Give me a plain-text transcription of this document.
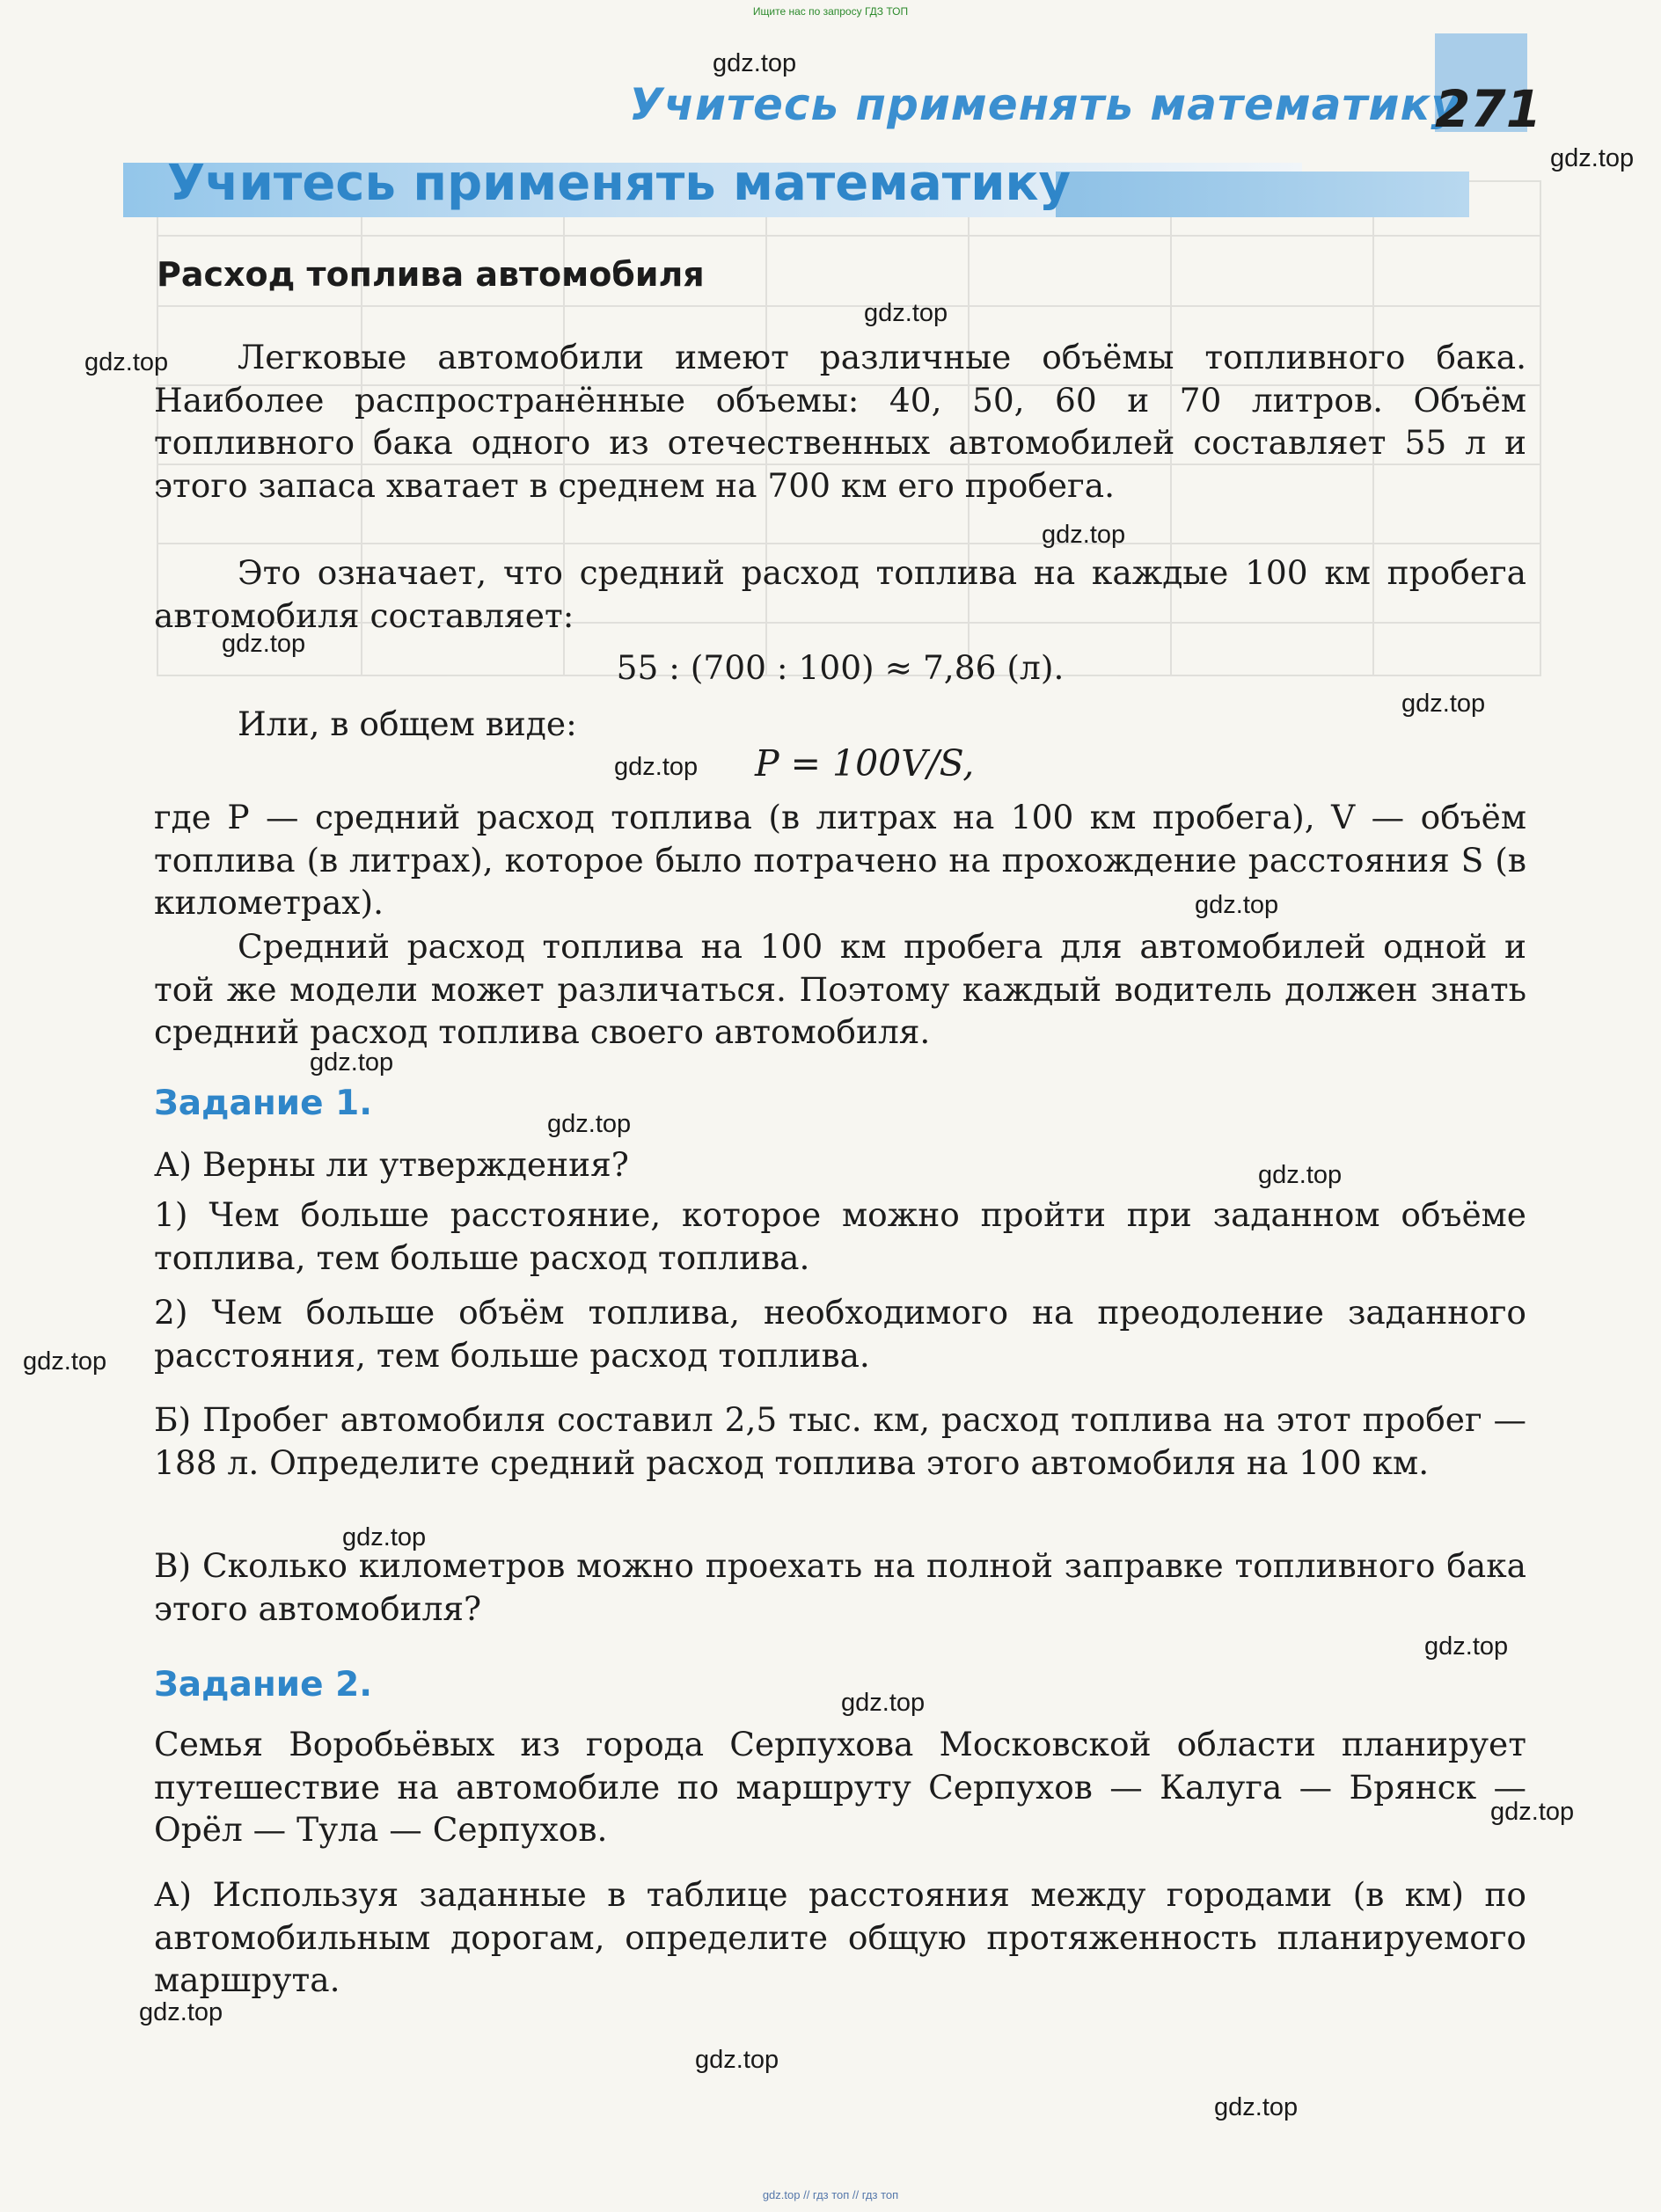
Ищите нас по запросу ГДЗ ТОП
Учитесь применять математику
271
Учитесь применять математику
Расход топлива автомобиля
Легковые автомобили имеют различные объёмы топливного бака. Наиболее распространённые объемы: 40, 50, 60 и 70 литров. Объём топливного бака одного из отечественных автомобилей составляет 55 л и этого запаса хватает в среднем на 700 км его пробега.
Это означает, что средний расход топлива на каждые 100 км пробега автомобиля составляет:
55 : (700 : 100) ≈ 7,86 (л).
Или, в общем виде:
P = 100V/S,
где P — средний расход топлива (в литрах на 100 км пробега), V — объём топлива (в литрах), которое было потрачено на прохождение расстояния S (в километрах).
Средний расход топлива на 100 км пробега для автомобилей одной и той же модели может различаться. Поэтому каждый водитель должен знать средний расход топлива своего автомобиля.
Задание 1.
А) Верны ли утверждения?
1) Чем больше расстояние, которое можно пройти при заданном объёме топлива, тем больше расход топлива.
2) Чем больше объём топлива, необходимого на преодоление заданного расстояния, тем больше расход топлива.
Б) Пробег автомобиля составил 2,5 тыс. км, расход топлива на этот пробег — 188 л. Определите средний расход топлива этого автомобиля на 100 км.
В) Сколько километров можно проехать на полной заправке топливного бака этого автомобиля?
Задание 2.
Семья Воробьёвых из города Серпухова Московской области планирует путешествие на автомобиле по маршруту Серпухов — Калуга — Брянск — Орёл — Тула — Серпухов.
А) Используя заданные в таблице расстояния между городами (в км) по автомобильным дорогам, определите общую протяженность планируемого маршрута.
gdz.top
gdz.top
gdz.top
gdz.top
gdz.top
gdz.top
gdz.top
gdz.top
gdz.top
gdz.top
gdz.top
gdz.top
gdz.top
gdz.top
gdz.top
gdz.top
gdz.top
gdz.top
gdz.top
gdz.top
gdz.top // гдз топ // гдз топ
